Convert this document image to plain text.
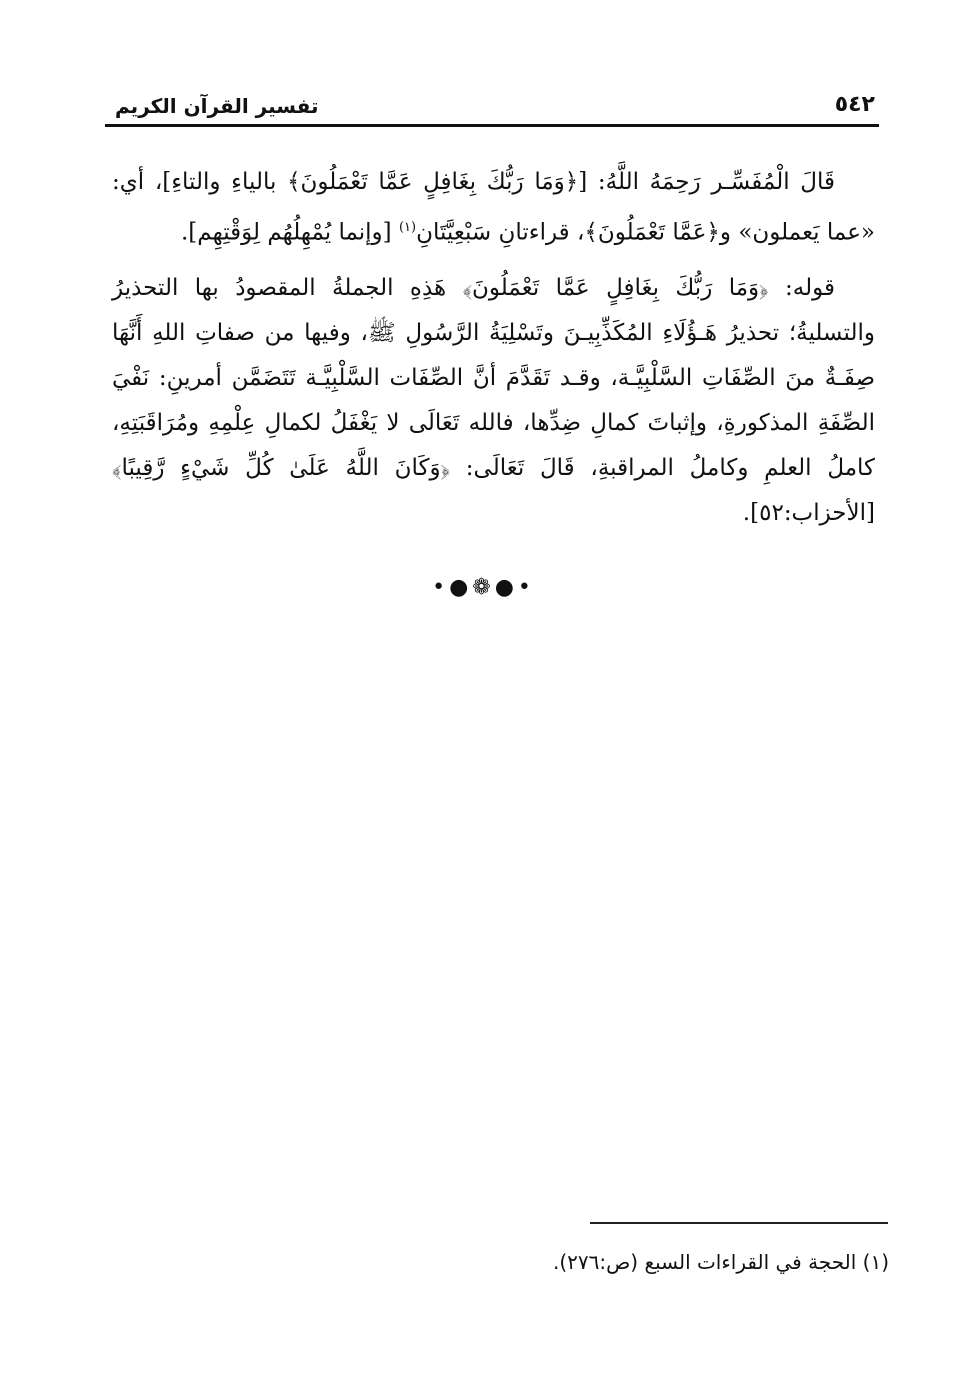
٥٤٢
تفسير القرآن الكريم

قَالَ الْمُفَسِّـر رَحِمَهُ اللَّهُ: [﴿وَمَا رَبُّكَ بِغَافِلٍ عَمَّا تَعْمَلُونَ﴾ بالياءِ والتاءِ]، أي: «عما يَعملون» و﴿عَمَّا تَعْمَلُونَ﴾، قراءتانِ سَبْعِيَّتَانِ$^{(١)}$ [وإنما يُمْهِلُهُم لِوَقْتِهِم].

قوله: ﴿وَمَا رَبُّكَ بِغَافِلٍ عَمَّا تَعْمَلُونَ﴾ هَذِهِ الجملةُ المقصودُ بها التحذيرُ والتسليةُ؛ تحذيرُ هَـؤُلَاءِ المُكَذِّبِيـنَ وتَسْلِيَةُ الرَّسُولِ ﷺ، وفيها من صفاتِ اللهِ أَنَّهَا صِفَـةٌ منَ الصِّفَاتِ السَّلْبِيَّـة، وقـد تَقَدَّمَ أنَّ الصِّفَات السَّلْبِيَّـة تَتَضَمَّن أمرينِ: نَفْيَ الصِّفَةِ المذكورةِ، وإثباتَ كمالِ ضِدِّها، فالله تَعَالَى لا يَغْفَلُ لكمالِ عِلْمِهِ ومُرَاقَبَتِهِ، كاملُ العلمِ وكاملُ المراقبةِ، قَالَ تَعَالَى: ﴿وَكَانَ اللَّهُ عَلَىٰ كُلِّ شَيْءٍ رَّقِيبًا﴾ [الأحزاب:٥٢].

•●❁●•
(١) الحجة في القراءات السبع (ص:٢٧٦).
